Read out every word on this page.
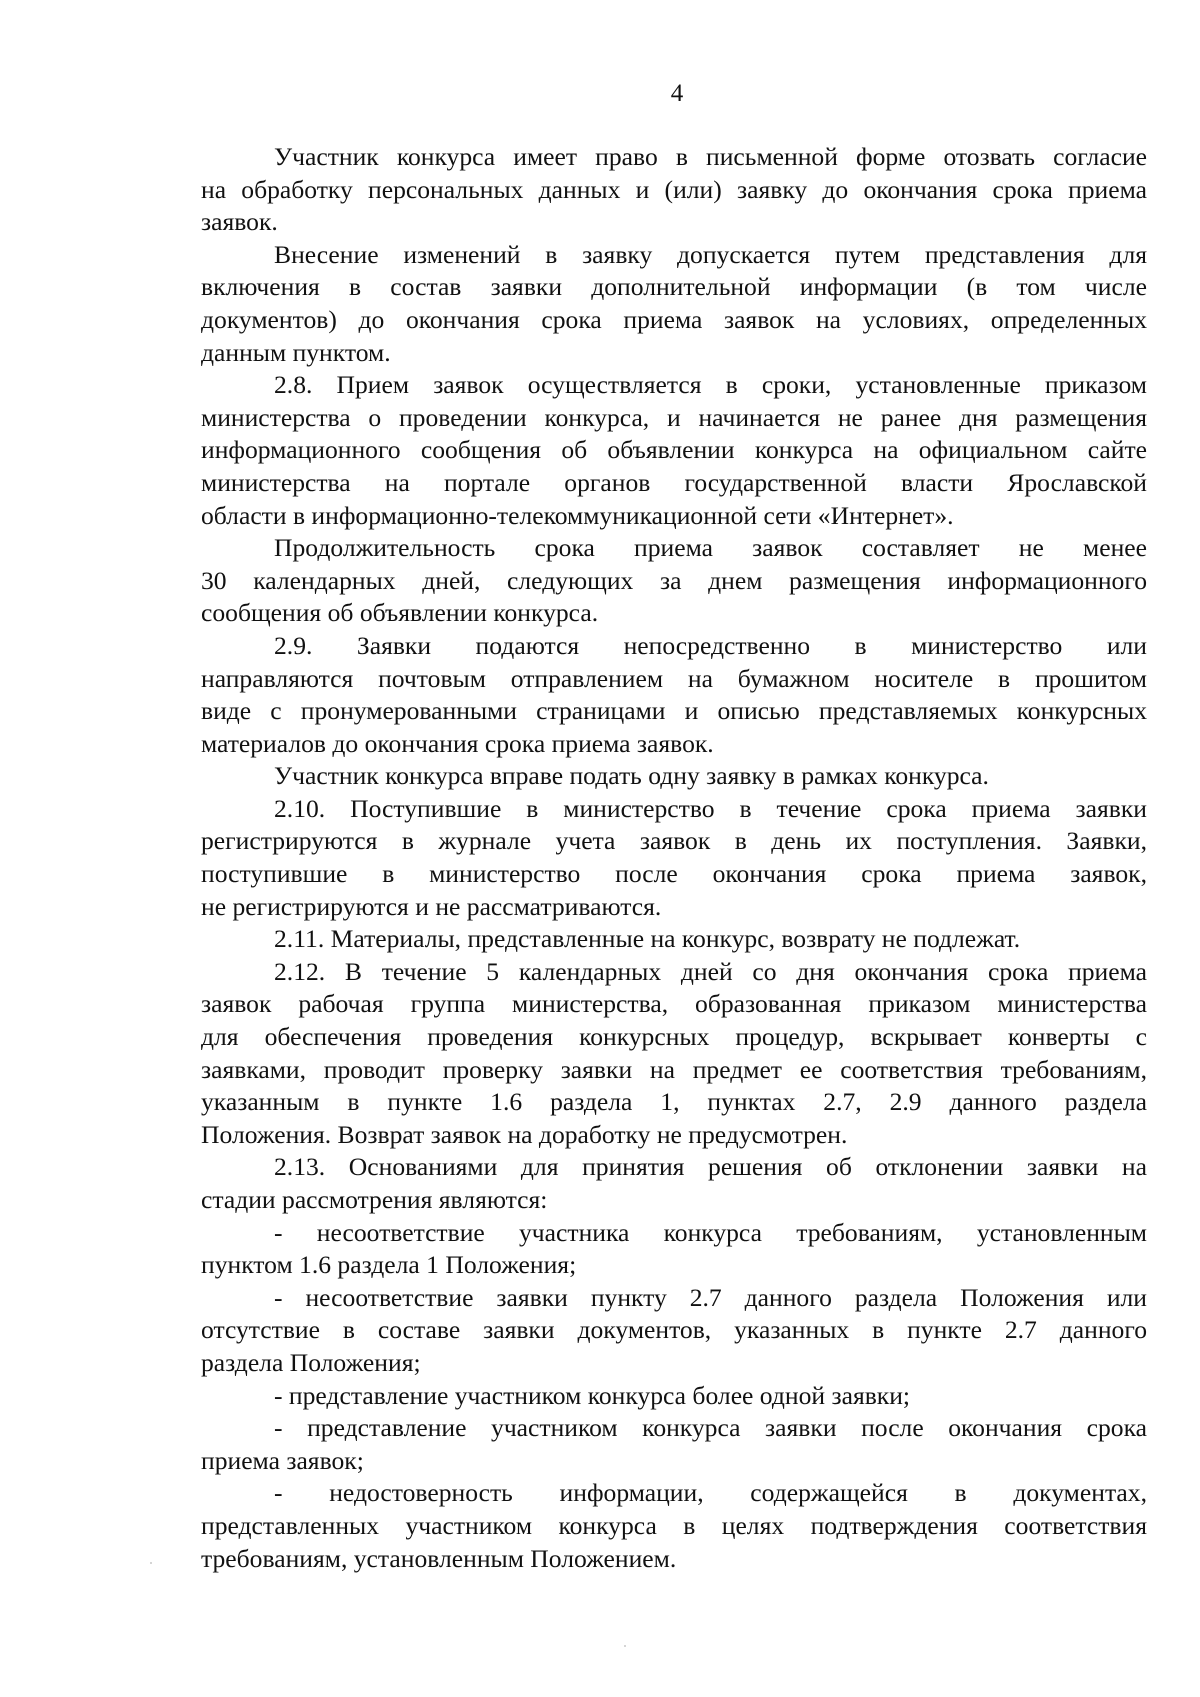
4
Участник конкурса имеет право в письменной форме отозвать согласие
на обработку персональных данных и (или) заявку до окончания срока приема
заявок.
Внесение изменений в заявку допускается путем представления для
включения в состав заявки дополнительной информации (в том числе
документов) до окончания срока приема заявок на условиях, определенных
данным пунктом.
2.8. Прием заявок осуществляется в сроки, установленные приказом
министерства о проведении конкурса, и начинается не ранее дня размещения
информационного сообщения об объявлении конкурса на официальном сайте
министерства на портале органов государственной власти Ярославской
области в информационно-телекоммуникационной сети «Интернет».
Продолжительность срока приема заявок составляет не менее
30 календарных дней, следующих за днем размещения информационного
сообщения об объявлении конкурса.
2.9. Заявки подаются непосредственно в министерство или
направляются почтовым отправлением на бумажном носителе в прошитом
виде с пронумерованными страницами и описью представляемых конкурсных
материалов до окончания срока приема заявок.
Участник конкурса вправе подать одну заявку в рамках конкурса.
2.10. Поступившие в министерство в течение срока приема заявки
регистрируются в журнале учета заявок в день их поступления. Заявки,
поступившие в министерство после окончания срока приема заявок,
не регистрируются и не рассматриваются.
2.11. Материалы, представленные на конкурс, возврату не подлежат.
2.12. В течение 5 календарных дней со дня окончания срока приема
заявок рабочая группа министерства, образованная приказом министерства
для обеспечения проведения конкурсных процедур, вскрывает конверты с
заявками, проводит проверку заявки на предмет ее соответствия требованиям,
указанным в пункте 1.6 раздела 1, пунктах 2.7, 2.9 данного раздела
Положения. Возврат заявок на доработку не предусмотрен.
2.13. Основаниями для принятия решения об отклонении заявки на
стадии рассмотрения являются:
- несоответствие участника конкурса требованиям, установленным
пунктом 1.6 раздела 1 Положения;
- несоответствие заявки пункту 2.7 данного раздела Положения или
отсутствие в составе заявки документов, указанных в пункте 2.7 данного
раздела Положения;
- представление участником конкурса более одной заявки;
- представление участником конкурса заявки после окончания срока
приема заявок;
- недостоверность информации, содержащейся в документах,
представленных участником конкурса в целях подтверждения соответствия
требованиям, установленным Положением.
